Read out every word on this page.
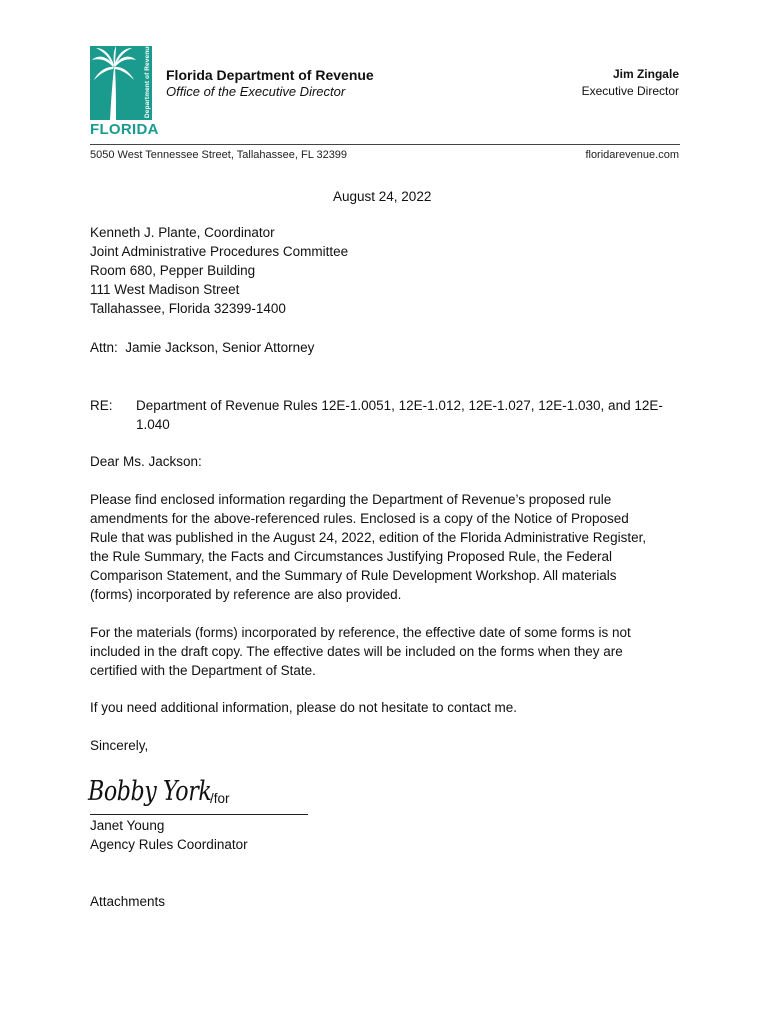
Department of Revenue
FLORIDA
Florida Department of Revenue
Office of the Executive Director
Jim Zingale
Executive Director
5050 West Tennessee Street, Tallahassee, FL 32399	floridarevenue.com
August 24, 2022
Kenneth J. Plante, Coordinator
Joint Administrative Procedures Committee
Room 680, Pepper Building
111 West Madison Street
Tallahassee, Florida 32399-1400
Attn:  Jamie Jackson, Senior Attorney
RE: Department of Revenue Rules 12E-1.0051, 12E-1.012, 12E-1.027, 12E-1.030, and 12E-1.040
Dear Ms. Jackson:
Please find enclosed information regarding the Department of Revenue’s proposed rule amendments for the above-referenced rules. Enclosed is a copy of the Notice of Proposed Rule that was published in the August 24, 2022, edition of the Florida Administrative Register, the Rule Summary, the Facts and Circumstances Justifying Proposed Rule, the Federal Comparison Statement, and the Summary of Rule Development Workshop. All materials (forms) incorporated by reference are also provided.
For the materials (forms) incorporated by reference, the effective date of some forms is not included in the draft copy. The effective dates will be included on the forms when they are certified with the Department of State.
If you need additional information, please do not hesitate to contact me.
Sincerely,
Bobby York
/for
Janet Young
Agency Rules Coordinator
Attachments
